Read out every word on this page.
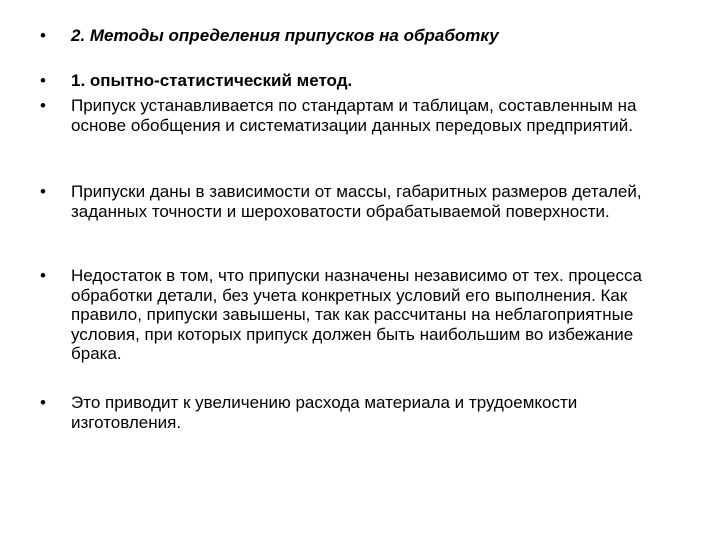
•	2. Методы определения припусков на обработку
•	1. опытно-статистический метод.
•	Припуск устанавливается по стандартам и таблицам, составленным на основе обобщения и систематизации данных передовых предприятий.
•	Припуски даны в зависимости от массы, габаритных размеров деталей, заданных точности и шероховатости обрабатываемой поверхности.
•	Недостаток в том, что припуски назначены независимо от тех. процесса обработки детали, без учета конкретных условий его выполнения. Как правило, припуски завышены, так как рассчитаны на неблагоприятные условия, при которых припуск должен быть наибольшим во избежание брака.
•	Это приводит к увеличению расхода материала и трудоемкости изготовления.
